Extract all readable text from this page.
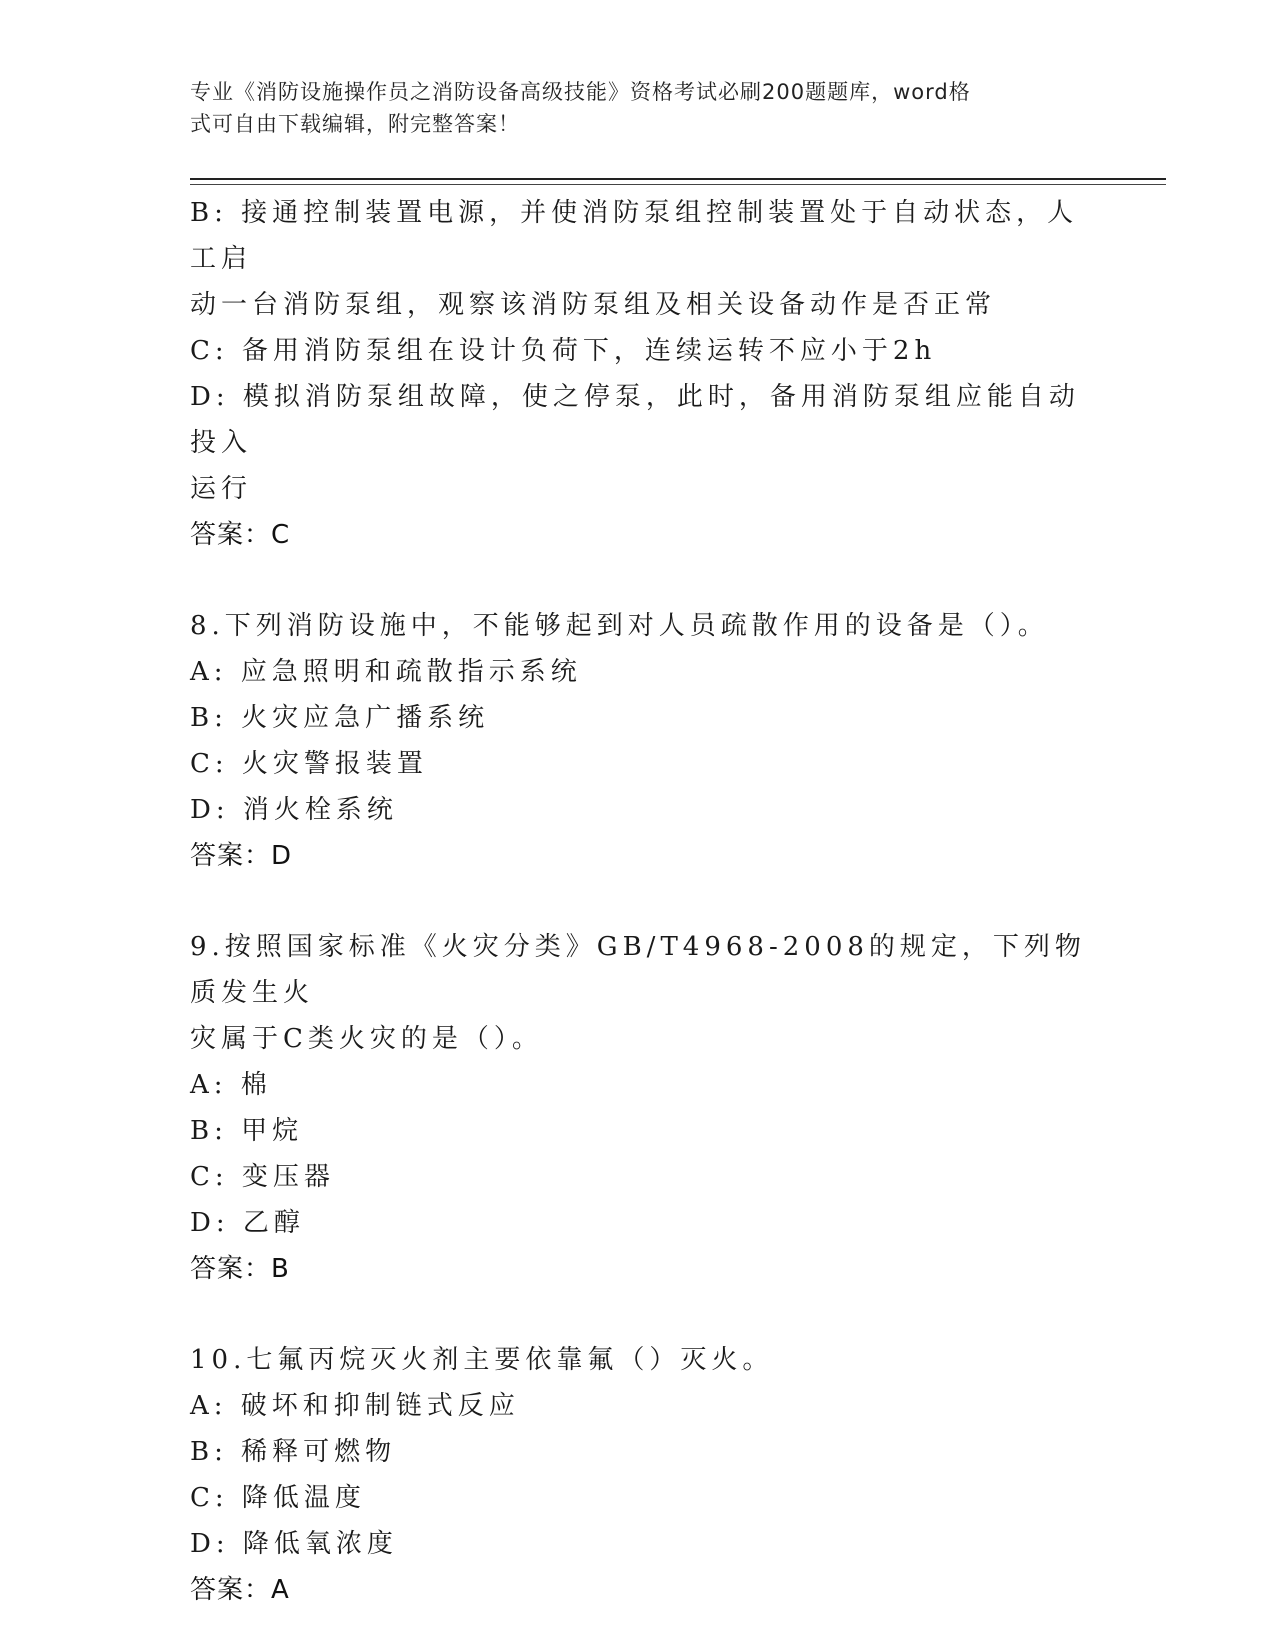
专业《消防设施操作员之消防设备高级技能》资格考试必刷200题题库，word格
式可自由下载编辑，附完整答案！
B: 接通控制装置电源，并使消防泵组控制装置处于自动状态，人工启
动一台消防泵组，观察该消防泵组及相关设备动作是否正常
C: 备用消防泵组在设计负荷下，连续运转不应小于2h
D: 模拟消防泵组故障，使之停泵，此时，备用消防泵组应能自动投入
运行
答案：C
8.下列消防设施中，不能够起到对人员疏散作用的设备是（）。
A: 应急照明和疏散指示系统
B: 火灾应急广播系统
C: 火灾警报装置
D: 消火栓系统
答案：D
9.按照国家标准《火灾分类》GB/T4968-2008的规定，下列物质发生火
灾属于C类火灾的是（）。
A: 棉
B: 甲烷
C: 变压器
D: 乙醇
答案：B
10.七氟丙烷灭火剂主要依靠氟（）灭火。
A: 破坏和抑制链式反应
B: 稀释可燃物
C: 降低温度
D: 降低氧浓度
答案：A
